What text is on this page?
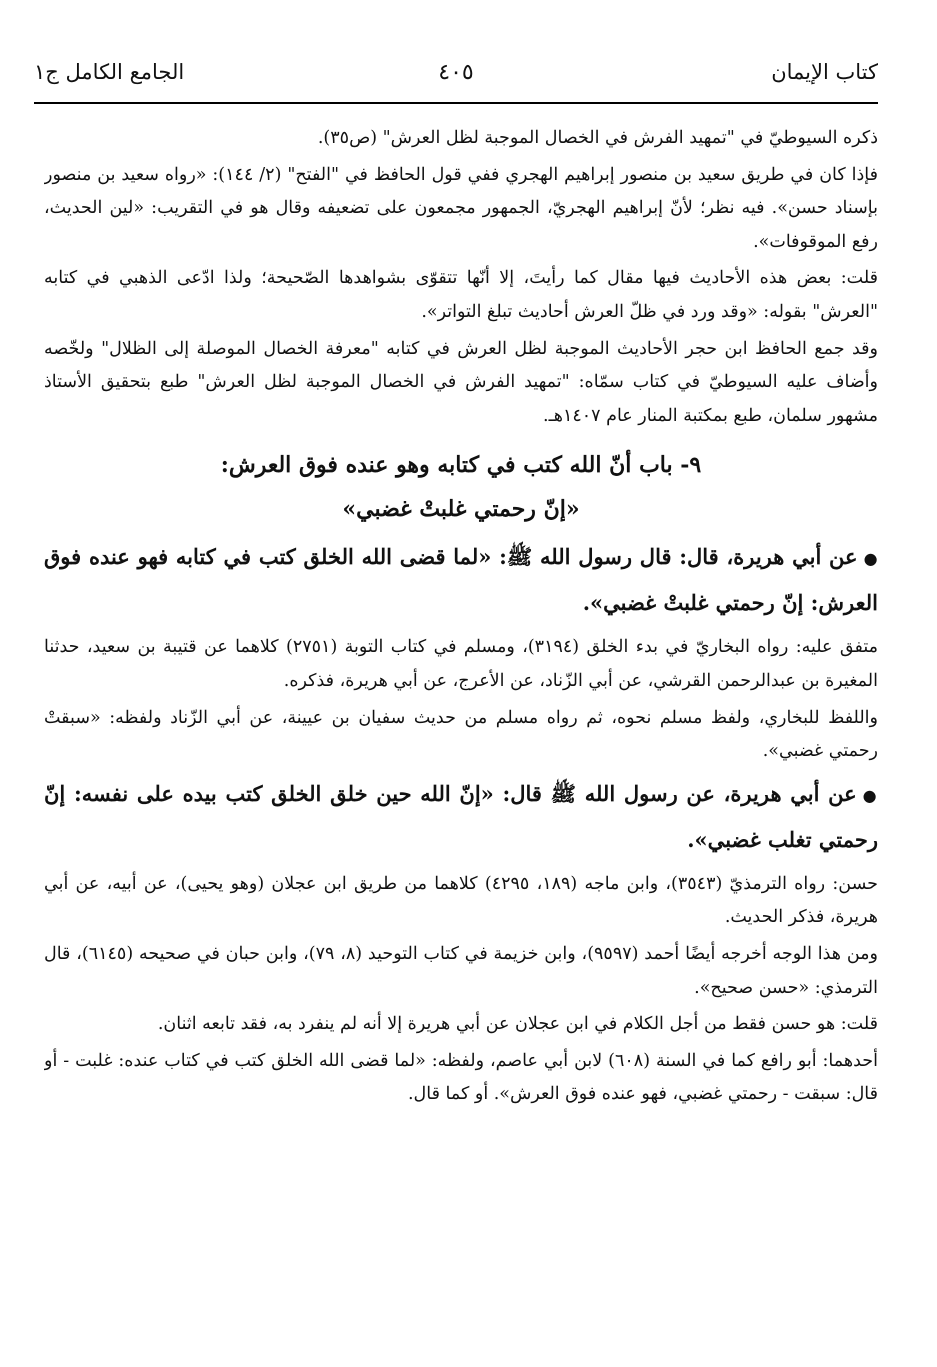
كتاب الإيمان
٤٠٥
الجامع الكامل ج١

ذكره السيوطيّ في "تمهيد الفرش في الخصال الموجبة لظل العرش" (ص٣٥).

فإذا كان في طريق سعيد بن منصور إبراهيم الهجري ففي قول الحافظ في "الفتح" (٢/ ١٤٤): «رواه سعيد بن منصور بإسناد حسن». فيه نظر؛ لأنّ إبراهيم الهجريّ، الجمهور مجمعون على تضعيفه وقال هو في التقريب: «لين الحديث، رفع الموقوفات».

قلت: بعض هذه الأحاديث فيها مقال كما رأيتَ، إلا أنّها تتقوّى بشواهدها الصّحيحة؛ ولذا ادّعى الذهبي في كتابه "العرش" بقوله: «وقد ورد في ظلّ العرش أحاديث تبلغ التواتر».

وقد جمع الحافظ ابن حجر الأحاديث الموجبة لظل العرش في كتابه "معرفة الخصال الموصلة إلى الظلال" ولخّصه وأضاف عليه السيوطيّ في كتاب سمّاه: "تمهيد الفرش في الخصال الموجبة لظل العرش" طبع بتحقيق الأستاذ مشهور سلمان، طبع بمكتبة المنار عام ١٤٠٧هـ.

٩- باب أنّ الله كتب في كتابه وهو عنده فوق العرش:
«إنّ رحمتي غلبتْ غضبي»

●عن أبي هريرة، قال: قال رسول الله ﷺ: «لما قضى الله الخلق كتب في كتابه فهو عنده فوق العرش: إنّ رحمتي غلبتْ غضبي».

متفق عليه: رواه البخاريّ في بدء الخلق (٣١٩٤)، ومسلم في كتاب التوبة (٢٧٥١) كلاهما عن قتيبة بن سعيد، حدثنا المغيرة بن عبدالرحمن القرشي، عن أبي الزّناد، عن الأعرج، عن أبي هريرة، فذكره.

واللفظ للبخاري، ولفظ مسلم نحوه، ثم رواه مسلم من حديث سفيان بن عيينة، عن أبي الزّناد ولفظه: «سبقتْ رحمتي غضبي».

●عن أبي هريرة، عن رسول الله ﷺ قال: «إنّ الله حين خلق الخلق كتب بيده على نفسه: إنّ رحمتي تغلب غضبي».

حسن: رواه الترمذيّ (٣٥٤٣)، وابن ماجه (١٨٩، ٤٢٩٥) كلاهما من طريق ابن عجلان (وهو يحيى)، عن أبيه، عن أبي هريرة، فذكر الحديث.

ومن هذا الوجه أخرجه أيضًا أحمد (٩٥٩٧)، وابن خزيمة في كتاب التوحيد (٨، ٧٩)، وابن حبان في صحيحه (٦١٤٥)، قال الترمذي: «حسن صحيح».

قلت: هو حسن فقط من أجل الكلام في ابن عجلان عن أبي هريرة إلا أنه لم ينفرد به، فقد تابعه اثنان.

أحدهما: أبو رافع كما في السنة (٦٠٨) لابن أبي عاصم، ولفظه: «لما قضى الله الخلق كتب في كتاب عنده: غلبت - أو قال: سبقت - رحمتي غضبي، فهو عنده فوق العرش». أو كما قال.
